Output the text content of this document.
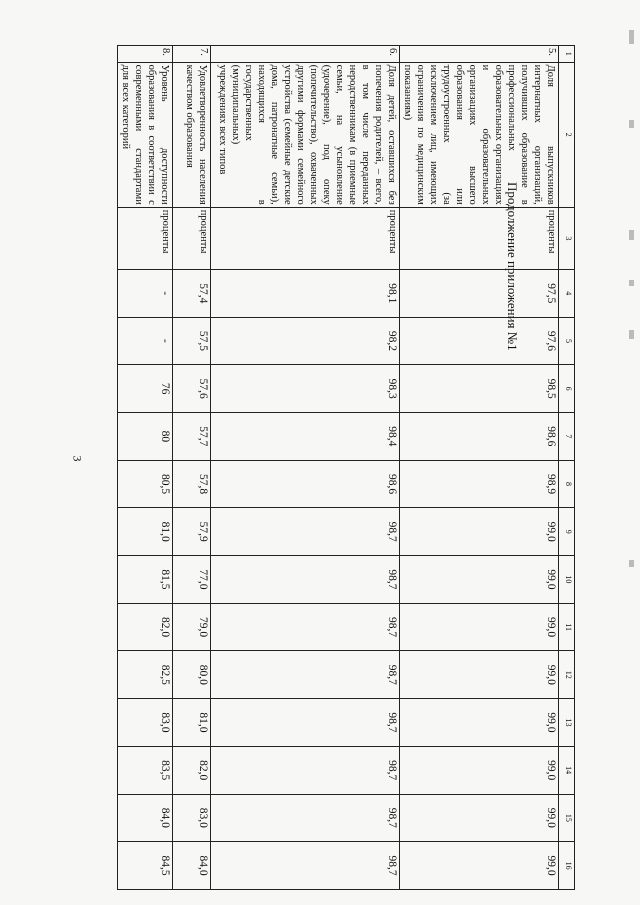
3
Продолжение приложения №1
1	2	3	4	5	6	7	8	9	10	11	12	13	14	15	16
5.	Доля выпускников интернатных организаций, получивших образование в профессиональных образовательных организациях и образовательных организациях высшего образования или трудоустроенных (за исключением лиц, имеющих ограничения по медицинским показаниям)	проценты	97,5	97,6	98,5	98,6	98,9	99,0	99,0	99,0	99,0	99,0	99,0	99,0	99,0
6.	Доля детей, оставшихся без попечения родителей, – всего, в том числе переданных неродственникам (в приемные семьи, на усыновление (удочерение), под опеку (попечительство), охваченных другими формами семейного устройства (семейные детские дома, патронатные семьи), находящихся в государственных (муниципальных) учреждениях всех типов	проценты	98,1	98,2	98,3	98,4	98,6	98,7	98,7	98,7	98,7	98,7	98,7	98,7	98,7
7.	Удовлетворенность населения качеством образования	проценты	57,4	57,5	57,6	57,7	57,8	57,9	77,0	79,0	80,0	81,0	82,0	83,0	84,0
8.	Уровень доступности образования в соответствии с современными стандартами для всех категорий	проценты	-	-	76	80	80,5	81,0	81,5	82,0	82,5	83,0	83,5	84,0	84,5
